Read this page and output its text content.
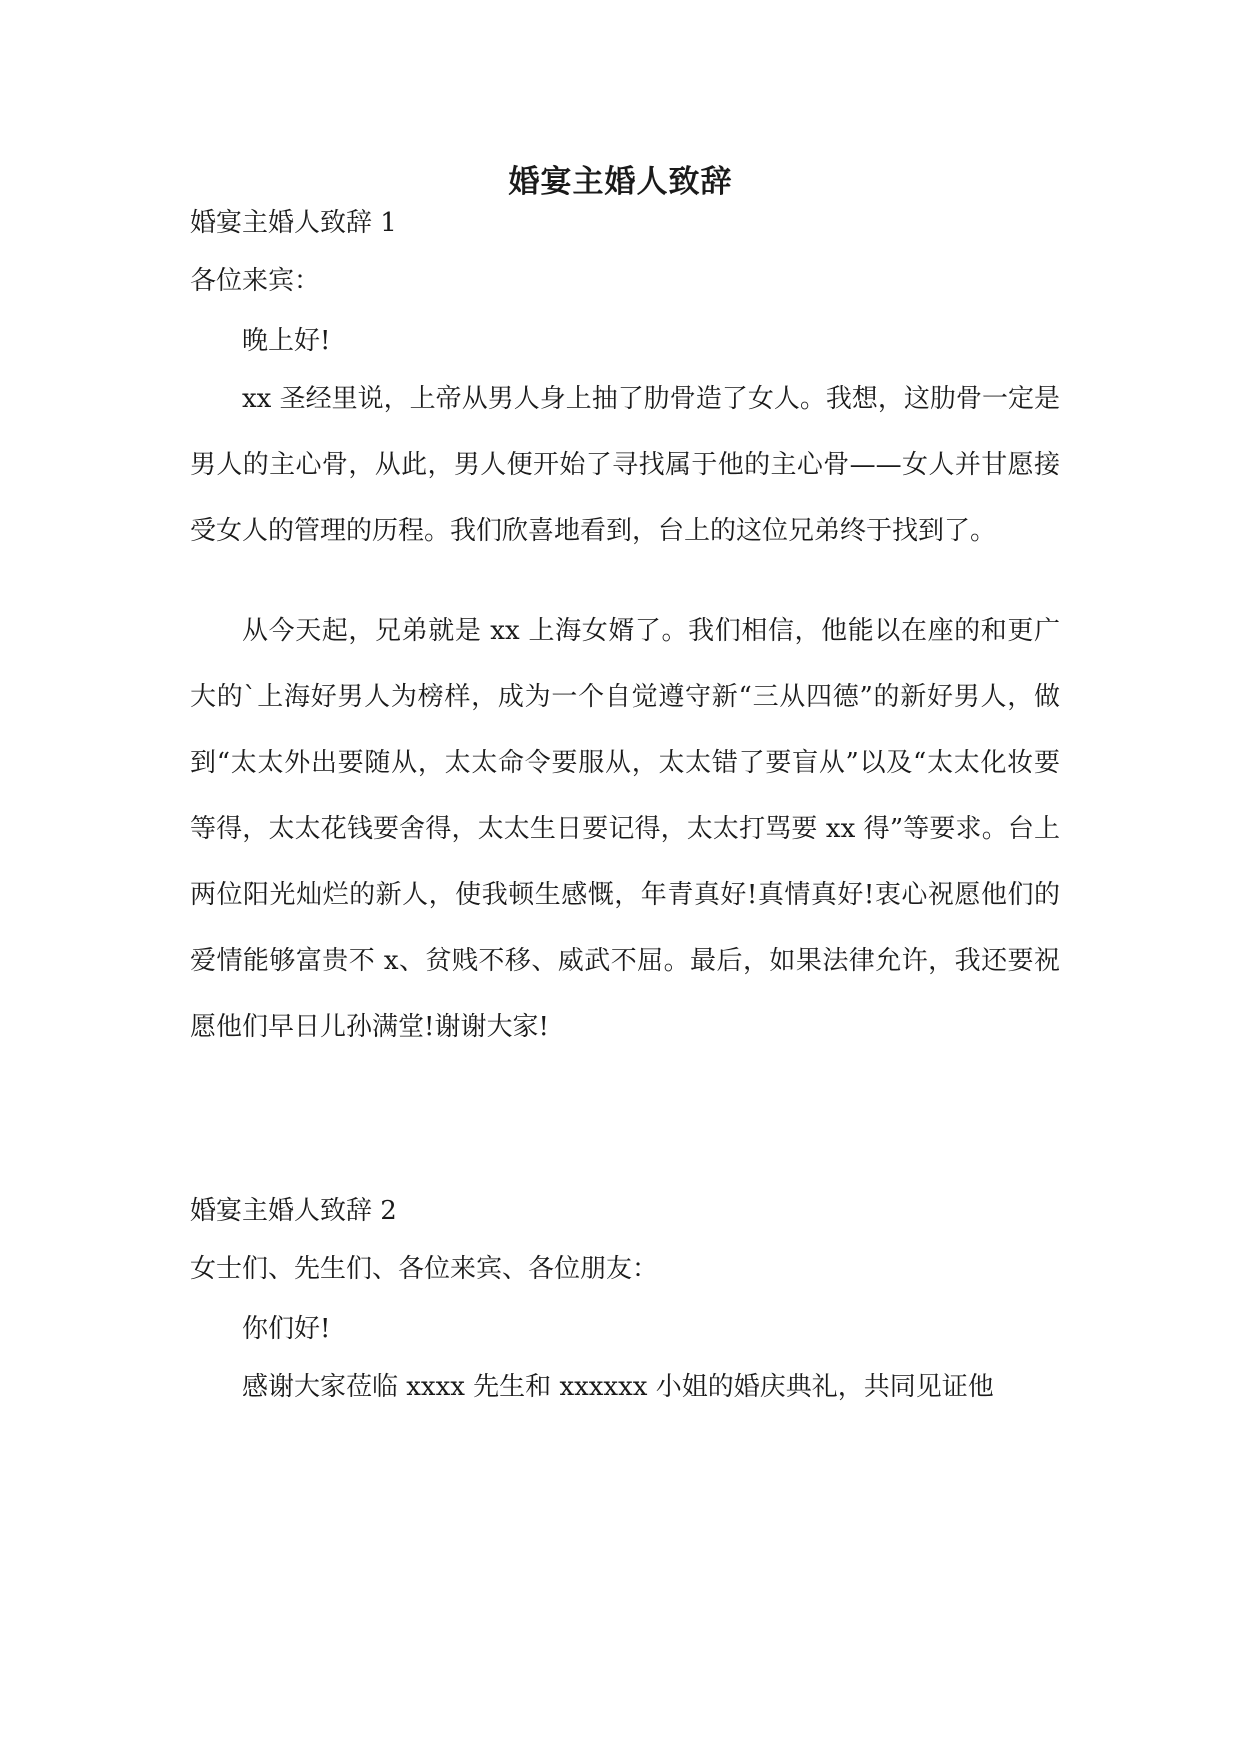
婚宴主婚人致辞
婚宴主婚人致辞 1
各位来宾：
晚上好!
xx 圣经里说，上帝从男人身上抽了肋骨造了女人。我想，这肋骨一定是男人的主心骨，从此，男人便开始了寻找属于他的主心骨——女人并甘愿接受女人的管理的历程。我们欣喜地看到，台上的这位兄弟终于找到了。
从今天起，兄弟就是 xx 上海女婿了。我们相信，他能以在座的和更广大的`上海好男人为榜样，成为一个自觉遵守新“三从四德”的新好男人，做到“太太外出要随从，太太命令要服从，太太错了要盲从”以及“太太化妆要等得，太太花钱要舍得，太太生日要记得，太太打骂要 xx 得”等要求。台上两位阳光灿烂的新人，使我顿生感慨，年青真好!真情真好!衷心祝愿他们的爱情能够富贵不 x、贫贱不移、威武不屈。最后，如果法律允许，我还要祝愿他们早日儿孙满堂!谢谢大家!
婚宴主婚人致辞 2
女士们、先生们、各位来宾、各位朋友：
你们好!
感谢大家莅临 xxxx 先生和 xxxxxx 小姐的婚庆典礼，共同见证他
